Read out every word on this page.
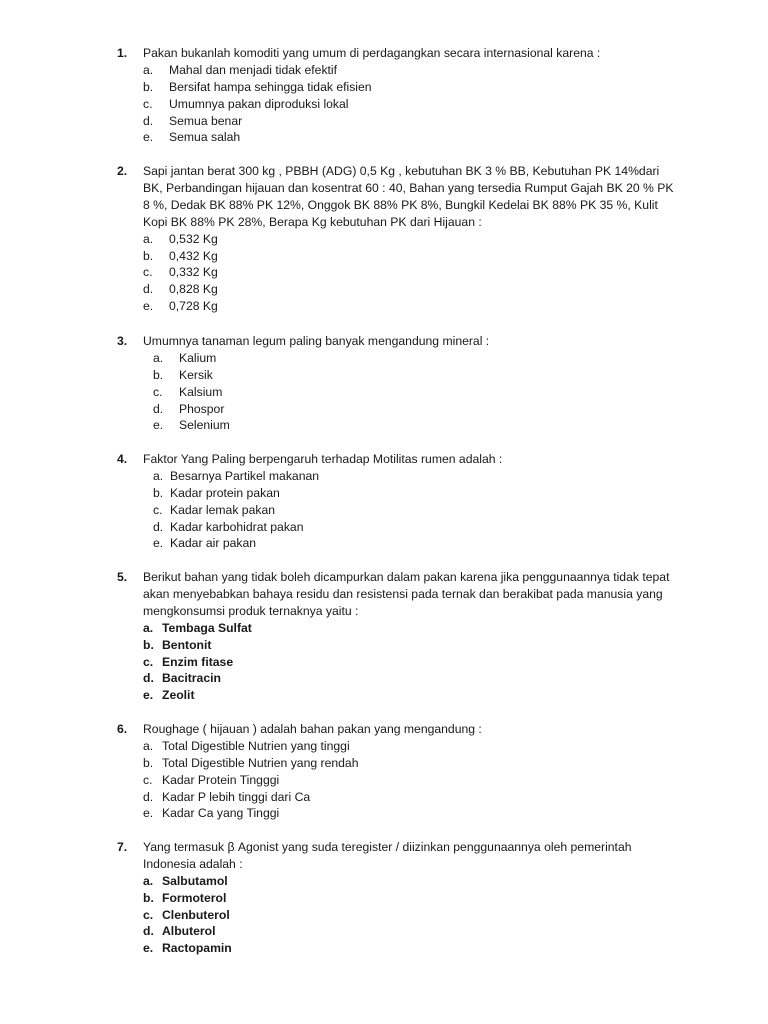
1.	Pakan bukanlah komoditi yang umum di perdagangkan secara internasional karena :
a. Mahal dan menjadi tidak efektif
b. Bersifat hampa sehingga tidak efisien
c. Umumnya pakan diproduksi lokal
d. Semua benar
e. Semua salah
2.	Sapi jantan berat 300 kg , PBBH (ADG) 0,5 Kg , kebutuhan BK 3 % BB, Kebutuhan PK 14%dari BK, Perbandingan hijauan dan kosentrat 60 : 40, Bahan yang tersedia Rumput Gajah BK 20 % PK 8 %, Dedak BK 88% PK 12%, Onggok BK 88% PK 8%, Bungkil Kedelai BK 88% PK 35 %, Kulit Kopi BK 88% PK 28%, Berapa Kg kebutuhan PK dari Hijauan :
a. 0,532 Kg
b. 0,432 Kg
c. 0,332 Kg
d. 0,828 Kg
e. 0,728 Kg
3.	Umumnya tanaman legum paling banyak mengandung mineral :
a. Kalium
b. Kersik
c. Kalsium
d. Phospor
e. Selenium
4.	Faktor Yang Paling berpengaruh terhadap Motilitas rumen adalah :
a. Besarnya Partikel makanan
b. Kadar protein pakan
c. Kadar lemak pakan
d. Kadar karbohidrat pakan
e. Kadar air pakan
5.	Berikut bahan yang tidak boleh dicampurkan dalam pakan karena jika penggunaannya tidak tepat akan menyebabkan bahaya residu dan resistensi pada ternak dan berakibat pada manusia yang mengkonsumsi produk ternaknya yaitu :
a. Tembaga Sulfat
b. Bentonit
c. Enzim fitase
d. Bacitracin
e. Zeolit
6.	Roughage ( hijauan ) adalah bahan pakan yang mengandung :
a. Total Digestible Nutrien yang tinggi
b. Total Digestible Nutrien yang rendah
c. Kadar Protein Tingggi
d. Kadar P lebih tinggi dari Ca
e. Kadar Ca yang Tinggi
7.	Yang termasuk β Agonist yang suda teregister / diizinkan penggunaannya oleh pemerintah Indonesia adalah :
a. Salbutamol
b. Formoterol
c. Clenbuterol
d. Albuterol
e. Ractopamin
